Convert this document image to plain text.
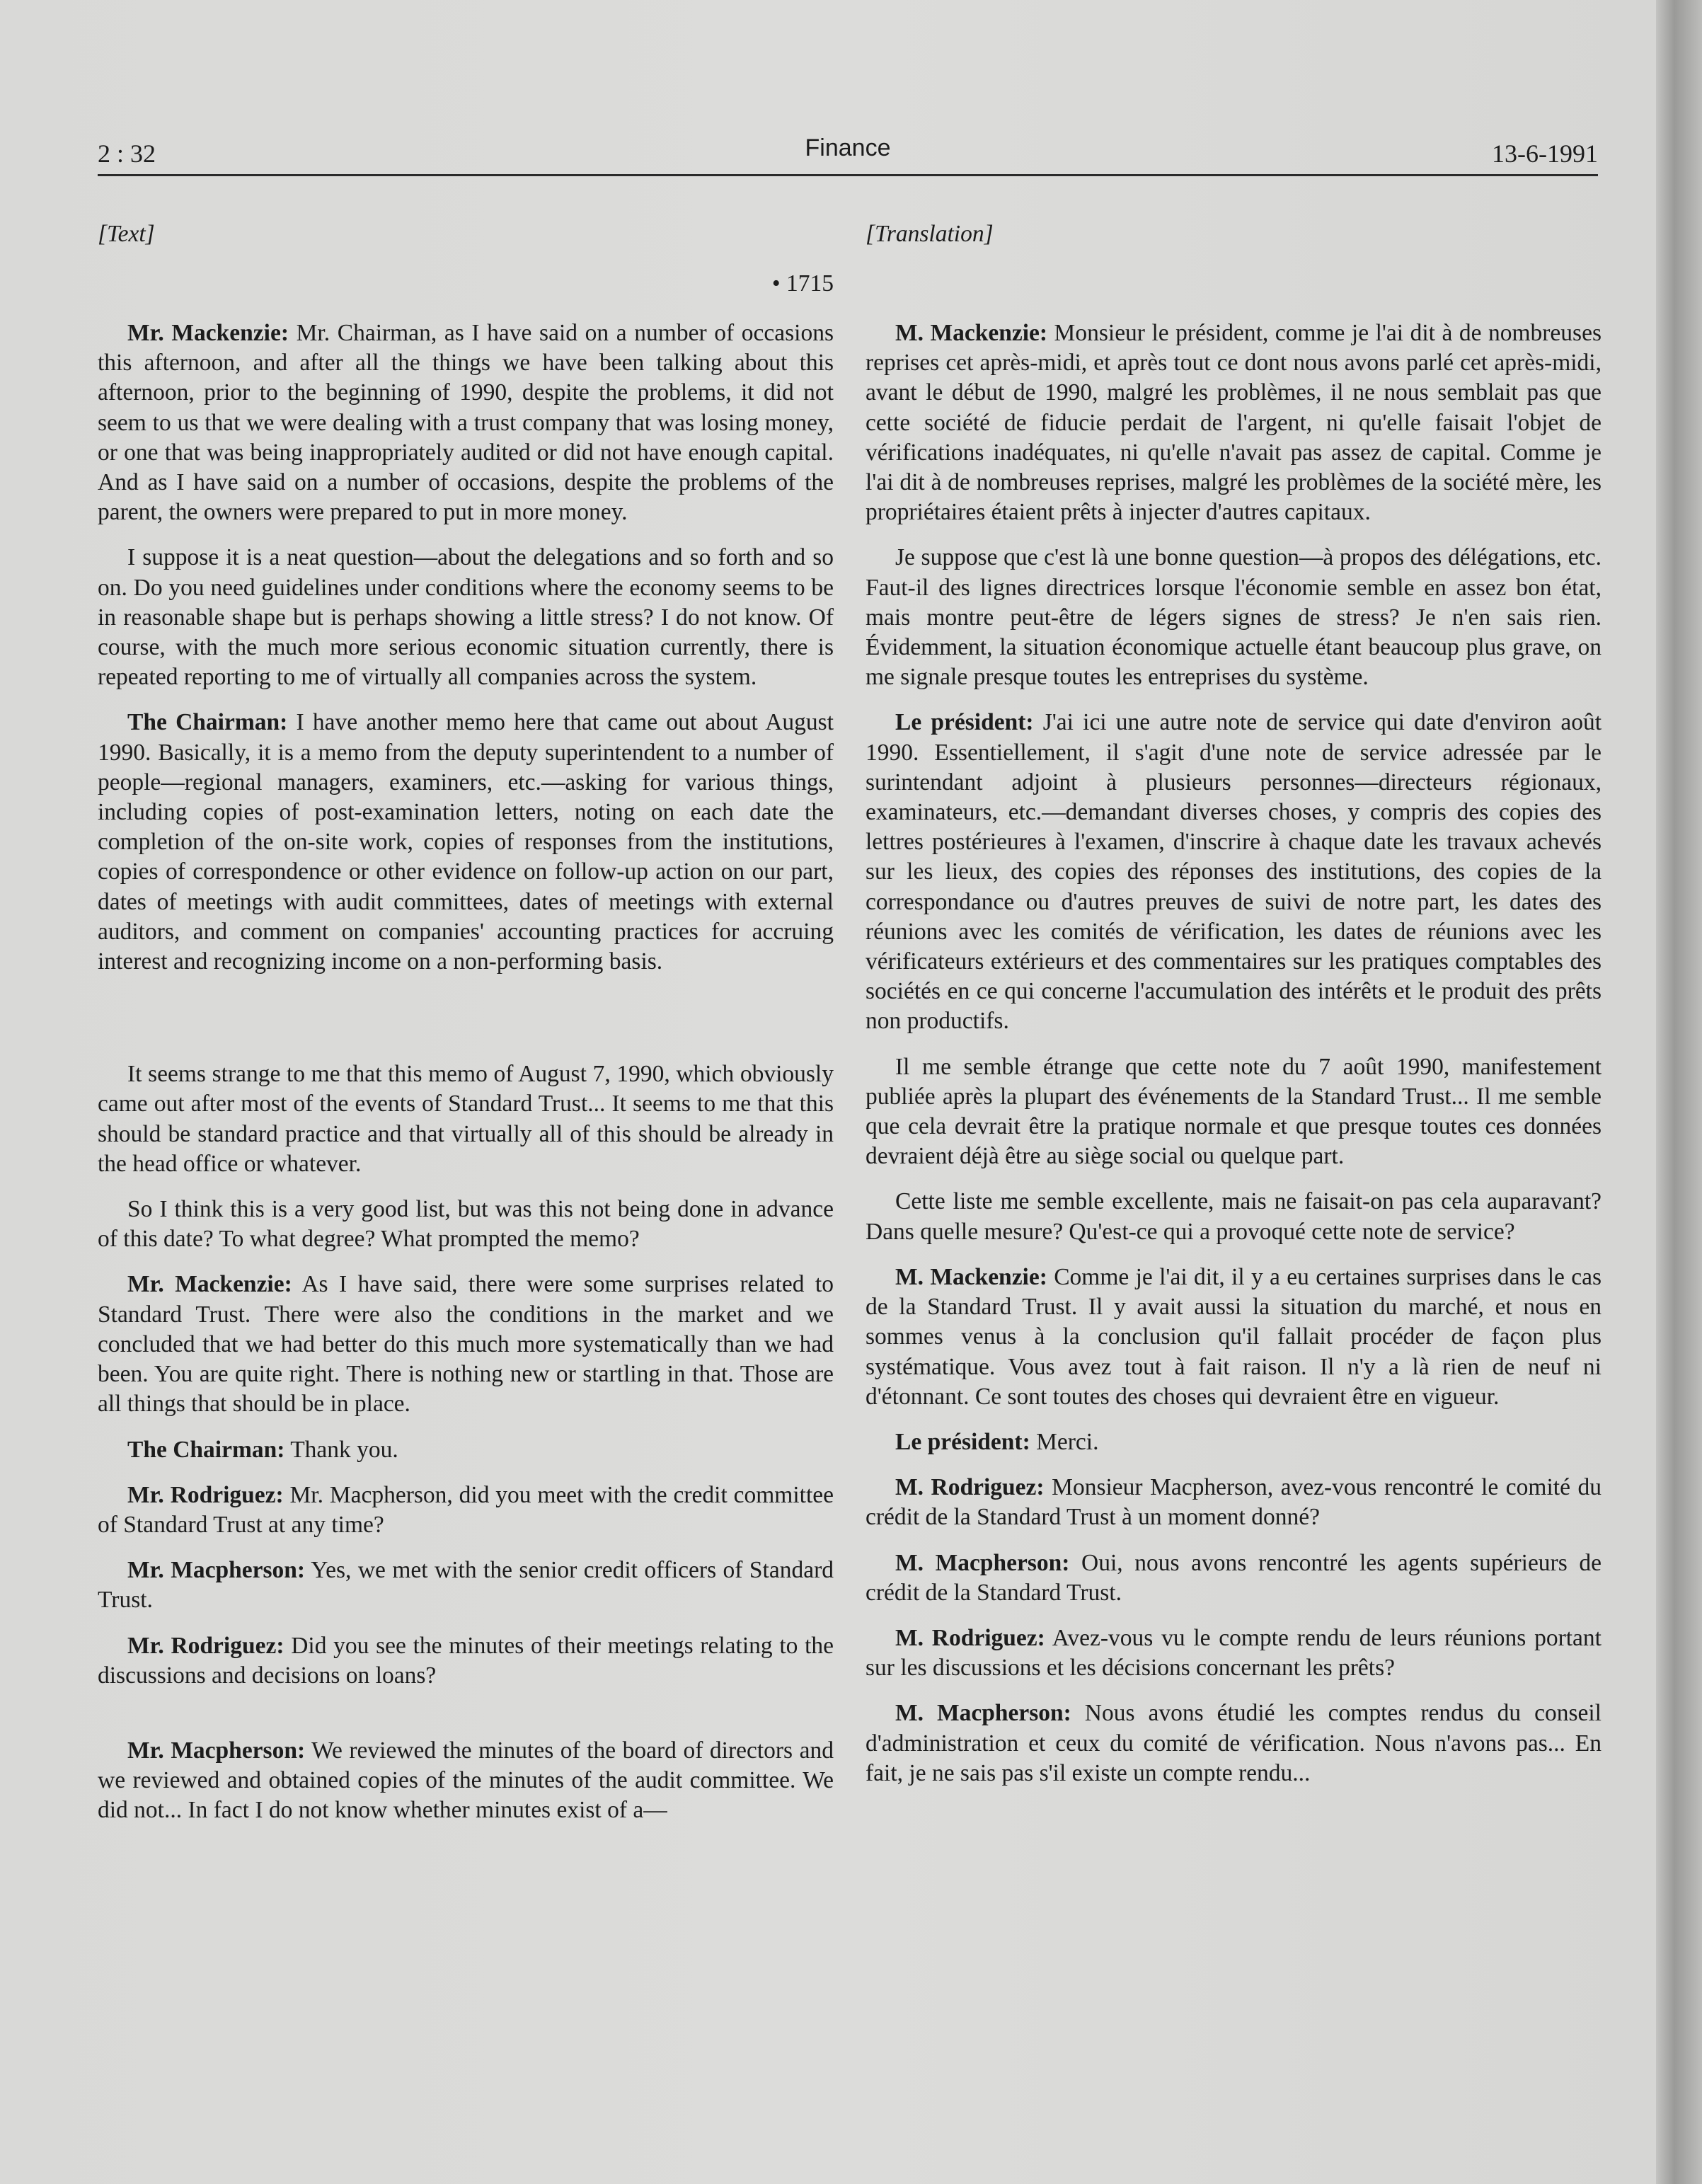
2 : 32	Finance	13-6-1991
[Text]
• 1715

Mr. Mackenzie: Mr. Chairman, as I have said on a number of occasions this afternoon, and after all the things we have been talking about this afternoon, prior to the beginning of 1990, despite the problems, it did not seem to us that we were dealing with a trust company that was losing money, or one that was being inappropriately audited or did not have enough capital. And as I have said on a number of occasions, despite the problems of the parent, the owners were prepared to put in more money.

I suppose it is a neat question—about the delegations and so forth and so on. Do you need guidelines under conditions where the economy seems to be in reasonable shape but is perhaps showing a little stress? I do not know. Of course, with the much more serious economic situation currently, there is repeated reporting to me of virtually all companies across the system.

The Chairman: I have another memo here that came out about August 1990. Basically, it is a memo from the deputy superintendent to a number of people—regional managers, examiners, etc.—asking for various things, including copies of post-examination letters, noting on each date the completion of the on-site work, copies of responses from the institutions, copies of correspondence or other evidence on follow-up action on our part, dates of meetings with audit committees, dates of meetings with external auditors, and comment on companies' accounting practices for accruing interest and recognizing income on a non-performing basis.

It seems strange to me that this memo of August 7, 1990, which obviously came out after most of the events of Standard Trust... It seems to me that this should be standard practice and that virtually all of this should be already in the head office or whatever.

So I think this is a very good list, but was this not being done in advance of this date? To what degree? What prompted the memo?

Mr. Mackenzie: As I have said, there were some surprises related to Standard Trust. There were also the conditions in the market and we concluded that we had better do this much more systematically than we had been. You are quite right. There is nothing new or startling in that. Those are all things that should be in place.

The Chairman: Thank you.

Mr. Rodriguez: Mr. Macpherson, did you meet with the credit committee of Standard Trust at any time?

Mr. Macpherson: Yes, we met with the senior credit officers of Standard Trust.

Mr. Rodriguez: Did you see the minutes of their meetings relating to the discussions and decisions on loans?

Mr. Macpherson: We reviewed the minutes of the board of directors and we reviewed and obtained copies of the minutes of the audit committee. We did not... In fact I do not know whether minutes exist of a—

[Translation]

M. Mackenzie: Monsieur le président, comme je l'ai dit à de nombreuses reprises cet après-midi, et après tout ce dont nous avons parlé cet après-midi, avant le début de 1990, malgré les problèmes, il ne nous semblait pas que cette société de fiducie perdait de l'argent, ni qu'elle faisait l'objet de vérifications inadéquates, ni qu'elle n'avait pas assez de capital. Comme je l'ai dit à de nombreuses reprises, malgré les problèmes de la société mère, les propriétaires étaient prêts à injecter d'autres capitaux.

Je suppose que c'est là une bonne question—à propos des délégations, etc. Faut-il des lignes directrices lorsque l'économie semble en assez bon état, mais montre peut-être de légers signes de stress? Je n'en sais rien. Évidemment, la situation économique actuelle étant beaucoup plus grave, on me signale presque toutes les entreprises du système.

Le président: J'ai ici une autre note de service qui date d'environ août 1990. Essentiellement, il s'agit d'une note de service adressée par le surintendant adjoint à plusieurs personnes—directeurs régionaux, examinateurs, etc.—demandant diverses choses, y compris des copies des lettres postérieures à l'examen, d'inscrire à chaque date les travaux achevés sur les lieux, des copies des réponses des institutions, des copies de la correspondance ou d'autres preuves de suivi de notre part, les dates des réunions avec les comités de vérification, les dates de réunions avec les vérificateurs extérieurs et des commentaires sur les pratiques comptables des sociétés en ce qui concerne l'accumulation des intérêts et le produit des prêts non productifs.

Il me semble étrange que cette note du 7 août 1990, manifestement publiée après la plupart des événements de la Standard Trust... Il me semble que cela devrait être la pratique normale et que presque toutes ces données devraient déjà être au siège social ou quelque part.

Cette liste me semble excellente, mais ne faisait-on pas cela auparavant? Dans quelle mesure? Qu'est-ce qui a provoqué cette note de service?

M. Mackenzie: Comme je l'ai dit, il y a eu certaines surprises dans le cas de la Standard Trust. Il y avait aussi la situation du marché, et nous en sommes venus à la conclusion qu'il fallait procéder de façon plus systématique. Vous avez tout à fait raison. Il n'y a là rien de neuf ni d'étonnant. Ce sont toutes des choses qui devraient être en vigueur.

Le président: Merci.

M. Rodriguez: Monsieur Macpherson, avez-vous rencontré le comité du crédit de la Standard Trust à un moment donné?

M. Macpherson: Oui, nous avons rencontré les agents supérieurs de crédit de la Standard Trust.

M. Rodriguez: Avez-vous vu le compte rendu de leurs réunions portant sur les discussions et les décisions concernant les prêts?

M. Macpherson: Nous avons étudié les comptes rendus du conseil d'administration et ceux du comité de vérification. Nous n'avons pas... En fait, je ne sais pas s'il existe un compte rendu...
